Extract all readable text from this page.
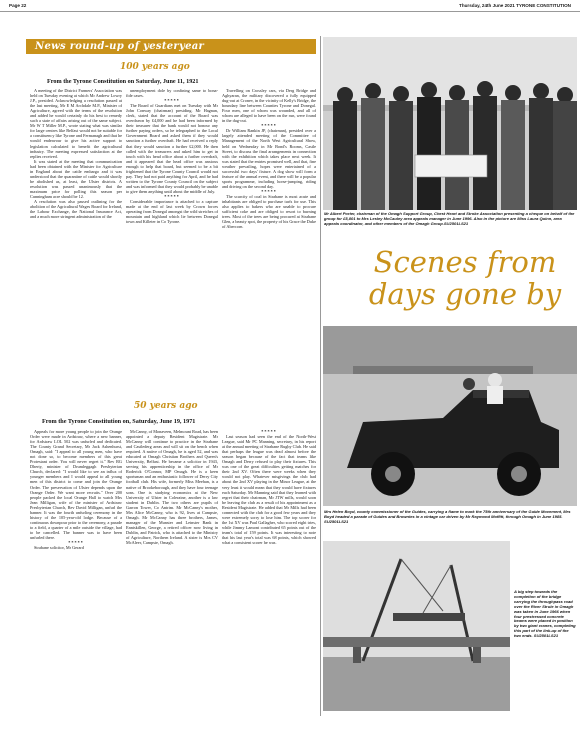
Page 22	Thursday, 24th June 2021 TYRONE CONSTITUTION
News round-up of yesteryear
100 years ago
From the Tyrone Constitution on Saturday, June 11, 1921

A meeting of the District Farmers' Association was held on Tuesday evening at which Mr Andrew Lowry J.P., presided. Acknowledging a resolution passed at the last meeting, Mr E M Archdale M.P., Minister of Agriculture, agreed with the terms of the resolution and added he would certainly do his best to remedy such a state of affairs arising out of the same subject. Mr W T Miller M.P., wrote stating what was similar for large centres like Belfast would not be suitable for a constituency like Tyrone and Fermanagh and that he would endeavour to give his active support to legislation calculated to benefit the agricultural industry. The meeting expressed satisfaction at the replies received.

It was stated at the meeting that communication had been obtained with the Minister for Agriculture in England about the cattle embargo and it was understood that the quarantine of cattle would shortly be abolished as, at least, the Ulster districts. A resolution was passed unanimously that the maximum price for polling this season per Cunningham acre should be 12.

A resolution was also passed outlining for the abolition of the Agricultural Wages Board for Ireland, the Labour Exchange, the National Insurance Act, and a much more stringent administration of the

unemployment dole by confining same to bona-fide cases.

*****

The Board of Guardians met on Tuesday with Mr John Conway (chairman) presiding. Mr Hagnan, clerk, stated that the account of the Board was overdrawn by £4,000 and he had been informed by their treasurer that the bank would not honour any further paying orders, so he telegraphed to the Local Government Board and asked them if they would sanction a further overdraft. He had received a reply that they would sanction a further £2,000. He then called with the treasurers and asked him to get in touch with his head office about a further overdraft, and it appeared that the head office was anxious enough to help that board, but seemed to be a bit frightened that the Tyrone County Council would not pay. They had not paid anything for April, and he had written to the Tyrone County Council on the subject and was informed that they would probably be unable to give them anything until about the middle of July.

*****

Considerable importance is attached to a capture made at the end of last week by Crown forces operating from Donegal amongst the wild stretches of mountain and highland which lie between Donegal town and Killeter in Co Tyrone.

Travelling on Crossley cars, via Derg Bridge and Aghyaran, the military discovered a fully equipped dug-out at Cronev, in the vicinity of Kelly's Bridge, the boundary line between Counties Tyrone and Donegal. Four men, one of whom was wounded, and all of whom are alleged to have been on the run, were found in the dug-out.

*****

Dr William Rankin JP, (chairman), presided over a largely attended meeting of the Committee of Management of the North West Agricultural Show, held on Wednesday in Mr Bond's Rooms, Castle Street, to discuss the final arrangements in connection with the exhibition which takes place next week. It was stated that the entries promised well, and that, fine weather prevailing, hopes were entertained of a successful two days' fixture. A dog show will form a feature of the annual event, and there will be a popular sports programme, including horse-jumping, riding and driving on the second day.

*****

The scarcity of coal in Strabane is most acute and inhabitants are obliged to purchase turfs for use. This also applies to bakers who are unable to procure sufficient coke and are obliged to resort to burning trees. Most of the trees are being procured at Strabane Glen, a beauty spot, the property of his Grace the Duke of Abercorn.

50 years ago
From the Tyrone Constitution on, Saturday, June 19, 1971

Appeals for more young people to join the Orange Order were made in Ardstraw, where a new banner, for Ardstraw LOL 502 was unfurled and dedicated. The County Grand Secretary, Mr Jack Ashenhurst, Omagh, said: "I appeal to all young men, who have not done so, to become members of this great Protestant order. You will never regret it." Rev RG Dherty, minister of Drumleggagh Presbyterian Church, declared: "I would like to see an influx of younger members and I would appeal to all young men of this district to come and join the Orange Order. The preservation of Ulster depends upon the Orange Order. We want more recruits." Over 200 people packed the local Orange Hall to watch Mrs Jean Milligan, wife of the minister of Ardstraw Presbyterian Church, Rev David Milligan, unfurl the banner. It was the fourth unfurling ceremony in the history of the 105-year-old lodge. Because of a continuous downpour prior to the ceremony, a parade to a field, a quarter of a mile outside the village, had to be cancelled. The banner was to have been unfurled there.

*****

Strabane solicitor, Mr Gerard

McCanny, of Monaveen, Melmount Road, has been appointed a deputy Resident Magistrate. Mr McCanny will continue to practice in the Strabane and Castlederg areas and will sit on the bench when required. A native of Omagh, he is aged 52, and was educated at Omagh Christian Brothers and Queen's University, Belfast. He became a solicitor in 1943, serving his apprenticeship in the office of Mr Roderick O'Connor, MP Omagh. He is a keen sportsman and an enthusiastic follower of Derry City football club. His wife, formerly Miss Meehan, is a native of Brookeborough, and they have four teenage sons. One is studying economics at the New University of Ulster in Coleraine, another is a law student in Dublin. The two others are pupils of Garron Tower, Co Antrim. Mr McCanny's mother, Mrs Alice McCanny, who is 92, lives at Campsie, Omagh. Mr McCanny has three brothers, James, manager of the Munster and Leinster Bank in Enniskillen, George, a retired officer now living in Dublin, and Patrick, who is attached to the Ministry of Agriculture, Northern Ireland. A sister is Mrs CV McAleer, Campsie, Omagh.

*****

Last season had seen the end of the North-West League, said Mr PC Manning, secretary, in his report at the annual meeting of Strabane Rugby Club. He said that perhaps the league was dead almost before the season began because of the fact that teams like Omagh and Derry refused to play their fixtures. This was one of the great difficulties getting matches for their 2nd XV. Often there were weeks when they would not play. Whatever misgivings the club had about the 2nd XV playing in the Minor League, at the very least it would mean that they would have fixtures each Saturday. Mr Manning said that they learned with regret that their chairman, Mr JTW mills, would soon be leaving the club as a result of his appointment as a Resident Magistrate. He added that Mr Mills had been connected with the club for a good few years and they were extremely sorry to lose him. The top scorer for the 1st XV was Paul Gallagher, who scored eight tries, while Jimmy Lamont contributed 65 points out of the team's total of 159 points. It was interesting to note that his last year's total was 68 points, which showed what a consistent scorer he was.

Mr Albert Porter, chairman of the Omagh Support Group, Chest Heart and Stroke Association presenting a cheque on behalf of the group for £5,801 to Mrs Lesley McCauley area appeals manager in June 1996. Also in the picture are Miss Laura Quinn, area appeals coordinator, and other members of the Omagh Group.SU2501LS21
Scenes from
days gone by
Mrs Helen Boyd, county commissioner of the Guides, carrying a flame to mark the 75th anniversary of the Guide Movement, Mrs Boyd headed a parade of Guides and Brownies in a vintage car driven by Mr Raymond Moffitt, through Omagh in June 1985. SU2501LS21
A big step towards the completion of the bridge carrying the throughpass road over the River Strule in Omagh was taken in June 1966 when four prestressed concrete beams were placed in position by two giant cranes, completing this part of the link-up of the two ends. SU2501LS21
